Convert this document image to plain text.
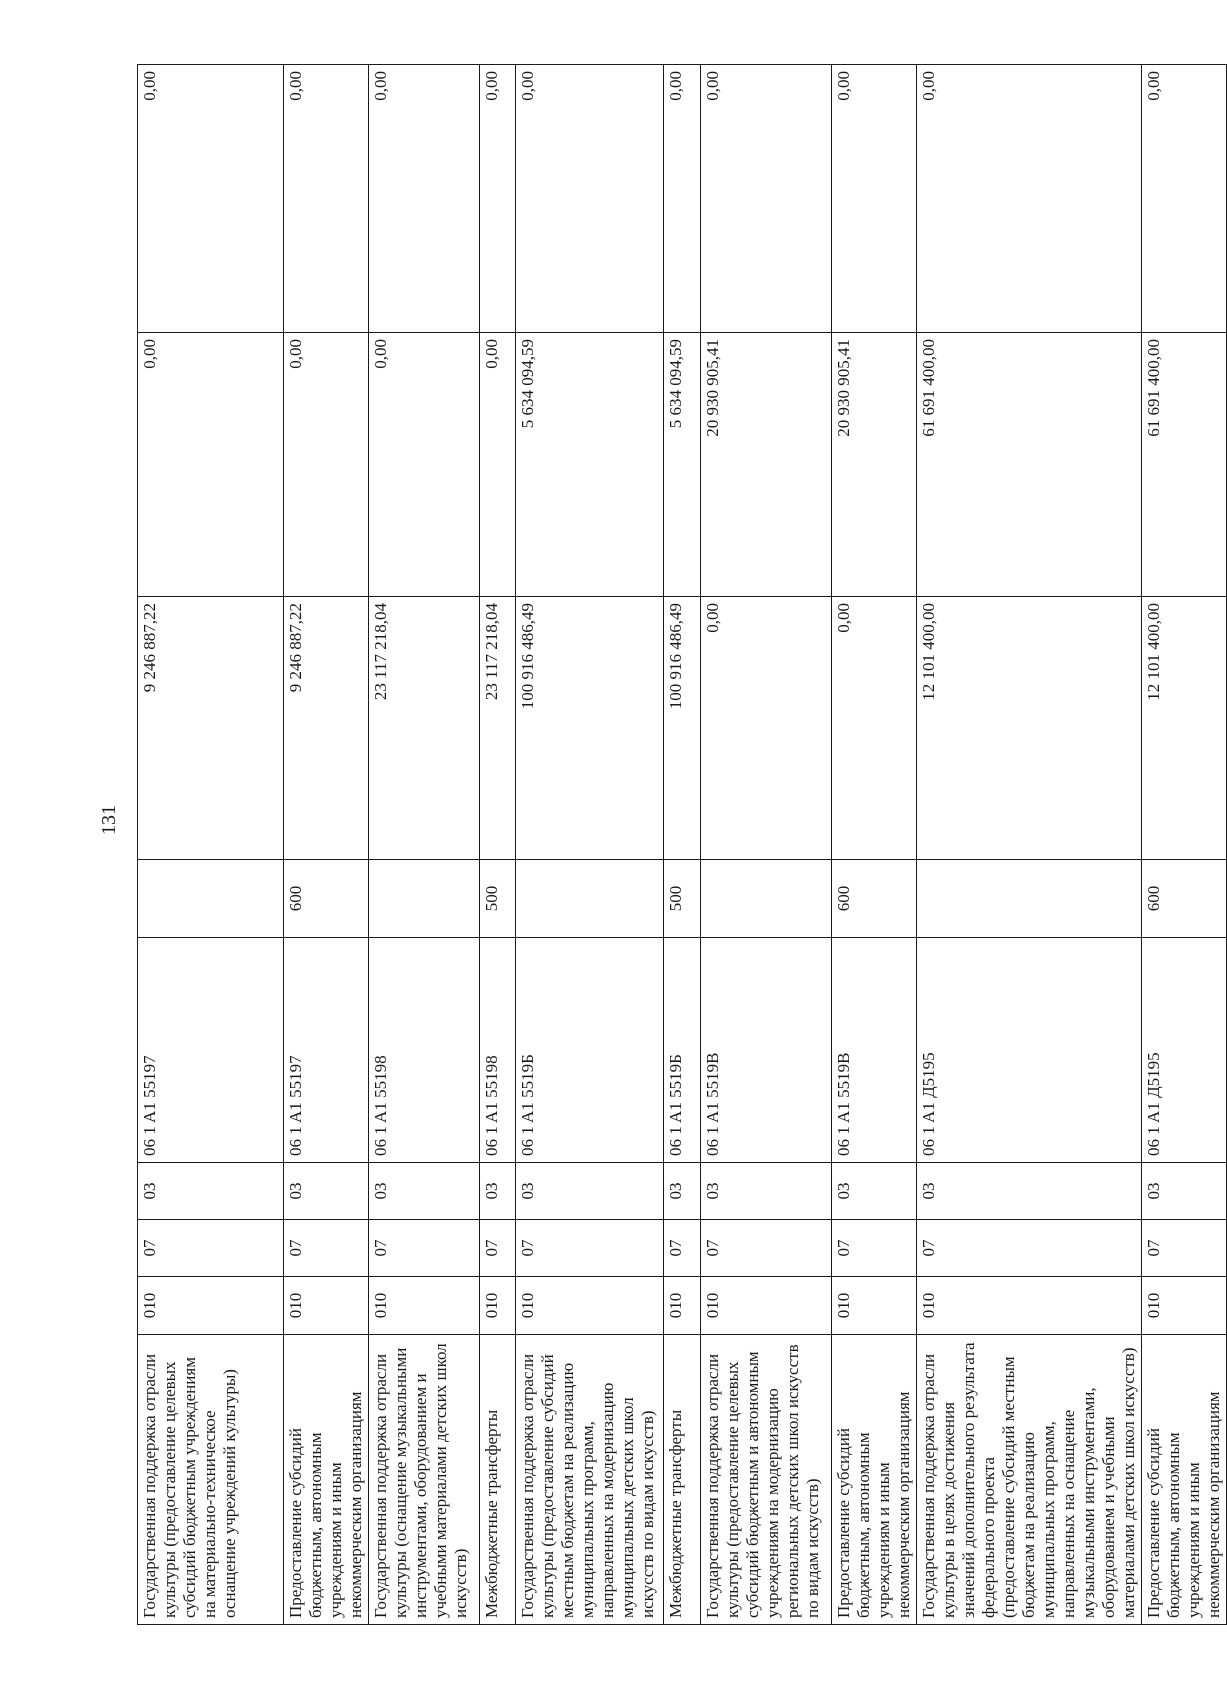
131
Государственная поддержка отрасли культуры (предоставление целевых субсидий бюджетным учреждениям на материально-техническое оснащение учреждений культуры)	010	07	03	06 1 A1 55197		9 246 887,22	0,00	0,00
Предоставление субсидий бюджетным, автономным учреждениям и иным некоммерческим организациям	010	07	03	06 1 A1 55197	600	9 246 887,22	0,00	0,00
Государственная поддержка отрасли культуры (оснащение музыкальными инструментами, оборудованием и учебными материалами детских школ искусств)	010	07	03	06 1 A1 55198		23 117 218,04	0,00	0,00
Межбюджетные трансферты	010	07	03	06 1 A1 55198	500	23 117 218,04	0,00	0,00
Государственная поддержка отрасли культуры (предоставление субсидий местным бюджетам на реализацию муниципальных программ, направленных на модернизацию муниципальных детских школ искусств по видам искусств)	010	07	03	06 1 A1 5519Б		100 916 486,49	5 634 094,59	0,00
Межбюджетные трансферты	010	07	03	06 1 A1 5519Б	500	100 916 486,49	5 634 094,59	0,00
Государственная поддержка отрасли культуры (предоставление целевых субсидий бюджетным и автономным учреждениям на модернизацию региональных детских школ искусств по видам искусств)	010	07	03	06 1 A1 5519В		0,00	20 930 905,41	0,00
Предоставление субсидий бюджетным, автономным учреждениям и иным некоммерческим организациям	010	07	03	06 1 A1 5519В	600	0,00	20 930 905,41	0,00
Государственная поддержка отрасли культуры в целях достижения значений дополнительного результата федерального проекта (предоставление субсидий местным бюджетам на реализацию муниципальных программ, направленных на оснащение музыкальными инструментами, оборудованием и учебными материалами детских школ искусств)	010	07	03	06 1 A1 Д5195		12 101 400,00	61 691 400,00	0,00
Предоставление субсидий бюджетным, автономным учреждениям и иным некоммерческим организациям	010	07	03	06 1 A1 Д5195	600	12 101 400,00	61 691 400,00	0,00
